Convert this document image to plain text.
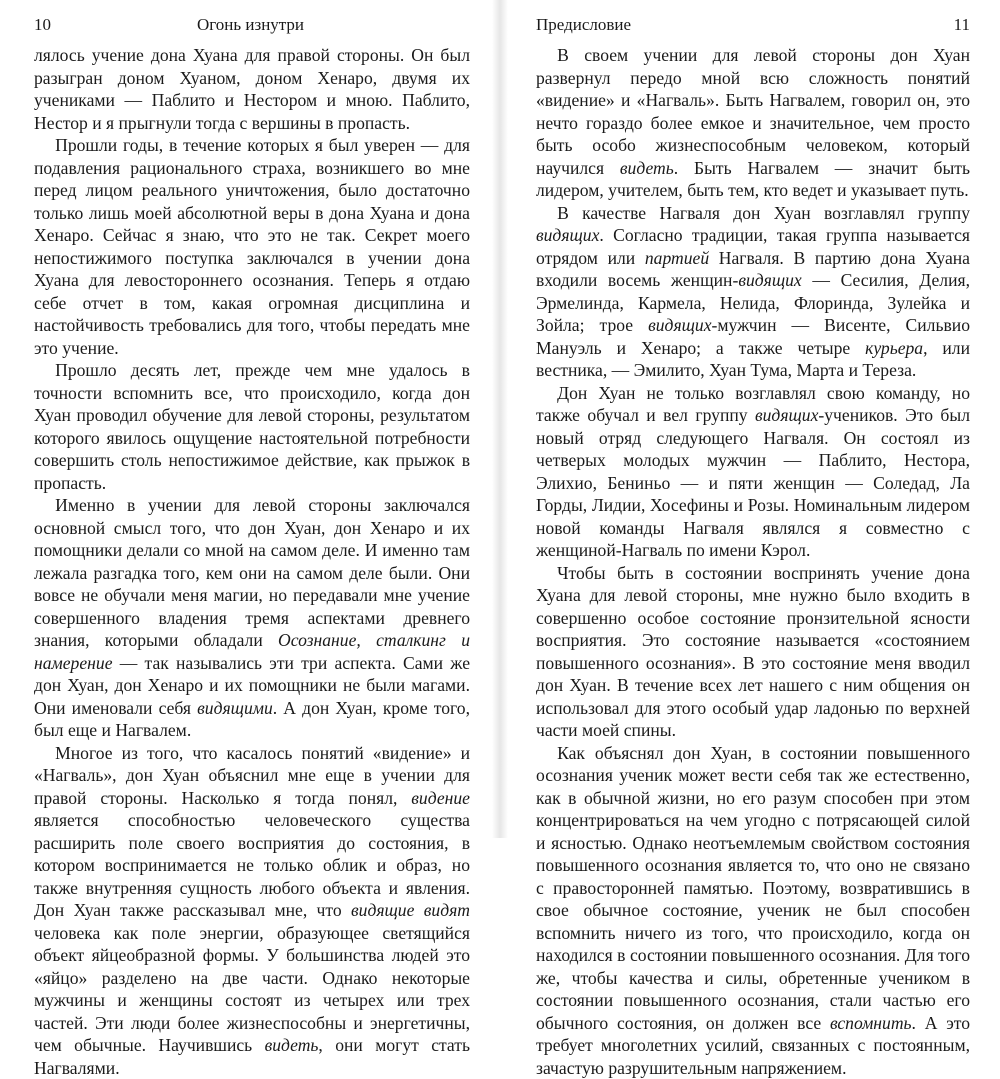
10	Огонь изнутри

лялось учение дона Хуана для правой стороны. Он был разыгран доном Хуаном, доном Хенаро, двумя их учениками — Паблито и Нестором и мною. Паблито, Нестор и я прыгнули тогда с вершины в пропасть.

Прошли годы, в течение которых я был уверен — для подавления рационального страха, возникшего во мне перед лицом реального уничтожения, было достаточно только лишь моей абсолютной веры в дона Хуана и дона Хенаро. Сейчас я знаю, что это не так. Секрет моего непостижимого поступка заключался в учении дона Хуана для левостороннего осознания. Теперь я отдаю себе отчет в том, какая огромная дисциплина и настойчивость требовались для того, чтобы передать мне это учение.

Прошло десять лет, прежде чем мне удалось в точности вспомнить все, что происходило, когда дон Хуан проводил обучение для левой стороны, результатом которого явилось ощущение настоятельной потребности совершить столь непостижимое действие, как прыжок в пропасть.

Именно в учении для левой стороны заключался основной смысл того, что дон Хуан, дон Хенаро и их помощники делали со мной на самом деле. И именно там лежала разгадка того, кем они на самом деле были. Они вовсе не обучали меня магии, но передавали мне учение совершенного владения тремя аспектами древнего знания, которыми обладали Осознание, сталкинг и намерение — так назывались эти три аспекта. Сами же дон Хуан, дон Хенаро и их помощники не были магами. Они именовали себя видящими. А дон Хуан, кроме того, был еще и Нагвалем.

Многое из того, что касалось понятий «видение» и «Нагваль», дон Хуан объяснил мне еще в учении для правой стороны. Насколько я тогда понял, видение является способностью человеческого существа расширить поле своего восприятия до состояния, в котором воспринимается не только облик и образ, но также внутренняя сущность любого объекта и явления. Дон Хуан также рассказывал мне, что видящие видят человека как поле энергии, образующее светящийся объект яйцеобразной формы. У большинства людей это «яйцо» разделено на две части. Однако некоторые мужчины и женщины состоят из четырех или трех частей. Эти люди более жизнеспособны и энергетичны, чем обычные. Научившись видеть, они могут стать Нагвалями.

Предисловие	11

В своем учении для левой стороны дон Хуан развернул передо мной всю сложность понятий «видение» и «Нагваль». Быть Нагвалем, говорил он, это нечто гораздо более емкое и значительное, чем просто быть особо жизнеспособным человеком, который научился видеть. Быть Нагвалем — значит быть лидером, учителем, быть тем, кто ведет и указывает путь.

В качестве Нагваля дон Хуан возглавлял группу видящих. Согласно традиции, такая группа называется отрядом или партией Нагваля. В партию дона Хуана входили восемь женщин-видящих — Сесилия, Делия, Эрмелинда, Кармела, Нелида, Флоринда, Зулейка и Зойла; трое видящих-мужчин — Висенте, Сильвио Мануэль и Хенаро; а также четыре курьера, или вестника, — Эмилито, Хуан Тума, Марта и Тереза.

Дон Хуан не только возглавлял свою команду, но также обучал и вел группу видящих-учеников. Это был новый отряд следующего Нагваля. Он состоял из четверых молодых мужчин — Паблито, Нестора, Элихио, Бениньо — и пяти женщин — Соледад, Ла Горды, Лидии, Хосефины и Розы. Номинальным лидером новой команды Нагваля являлся я совместно с женщиной-Нагваль по имени Кэрол.

Чтобы быть в состоянии воспринять учение дона Хуана для левой стороны, мне нужно было входить в совершенно особое состояние пронзительной ясности восприятия. Это состояние называется «состоянием повышенного осознания». В это состояние меня вводил дон Хуан. В течение всех лет нашего с ним общения он использовал для этого особый удар ладонью по верхней части моей спины.

Как объяснял дон Хуан, в состоянии повышенного осознания ученик может вести себя так же естественно, как в обычной жизни, но его разум способен при этом концентрироваться на чем угодно с потрясающей силой и ясностью. Однако неотъемлемым свойством состояния повышенного осознания является то, что оно не связано с правосторонней памятью. Поэтому, возвратившись в свое обычное состояние, ученик не был способен вспомнить ничего из того, что происходило, когда он находился в состоянии повышенного осознания. Для того же, чтобы качества и силы, обретенные учеником в состоянии повышенного осознания, стали частью его обычного состояния, он должен все вспомнить. А это требует многолетних усилий, связанных с постоянным, зачастую разрушительным напряжением.
